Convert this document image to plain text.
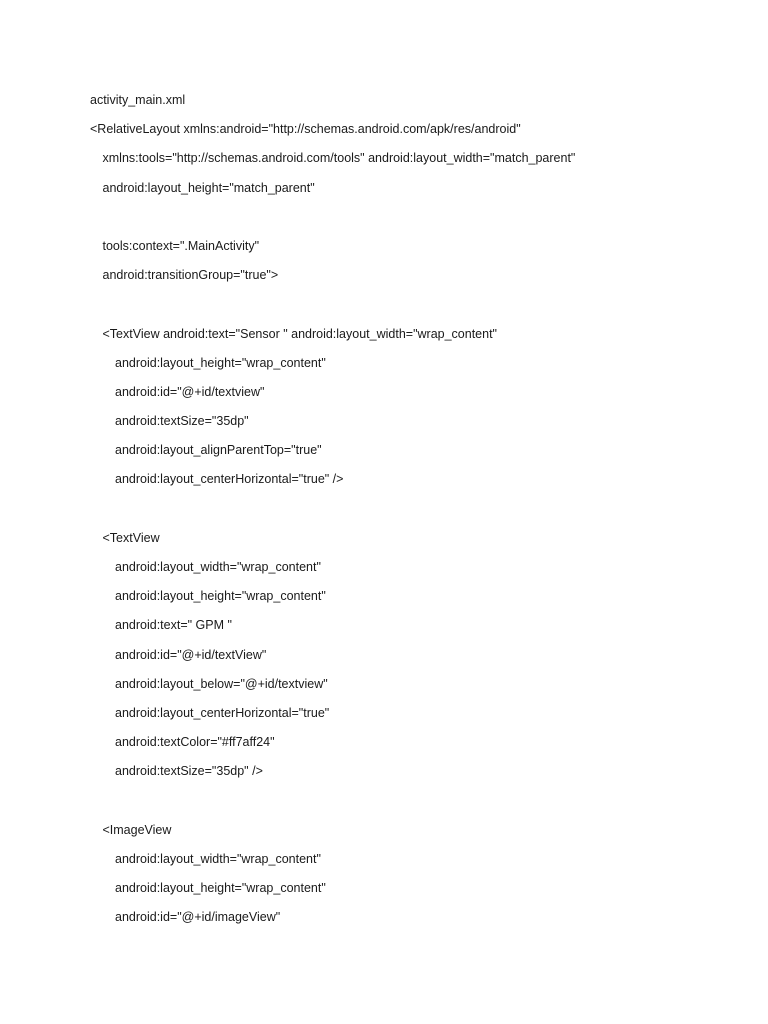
activity_main.xml
<RelativeLayout xmlns:android="http://schemas.android.com/apk/res/android"
xmlns:tools="http://schemas.android.com/tools" android:layout_width="match_parent"
android:layout_height="match_parent"
tools:context=".MainActivity"
android:transitionGroup="true">
<TextView android:text="Sensor " android:layout_width="wrap_content"
android:layout_height="wrap_content"
android:id="@+id/textview"
android:textSize="35dp"
android:layout_alignParentTop="true"
android:layout_centerHorizontal="true" />
<TextView
android:layout_width="wrap_content"
android:layout_height="wrap_content"
android:text=" GPM "
android:id="@+id/textView"
android:layout_below="@+id/textview"
android:layout_centerHorizontal="true"
android:textColor="#ff7aff24"
android:textSize="35dp" />
<ImageView
android:layout_width="wrap_content"
android:layout_height="wrap_content"
android:id="@+id/imageView"
